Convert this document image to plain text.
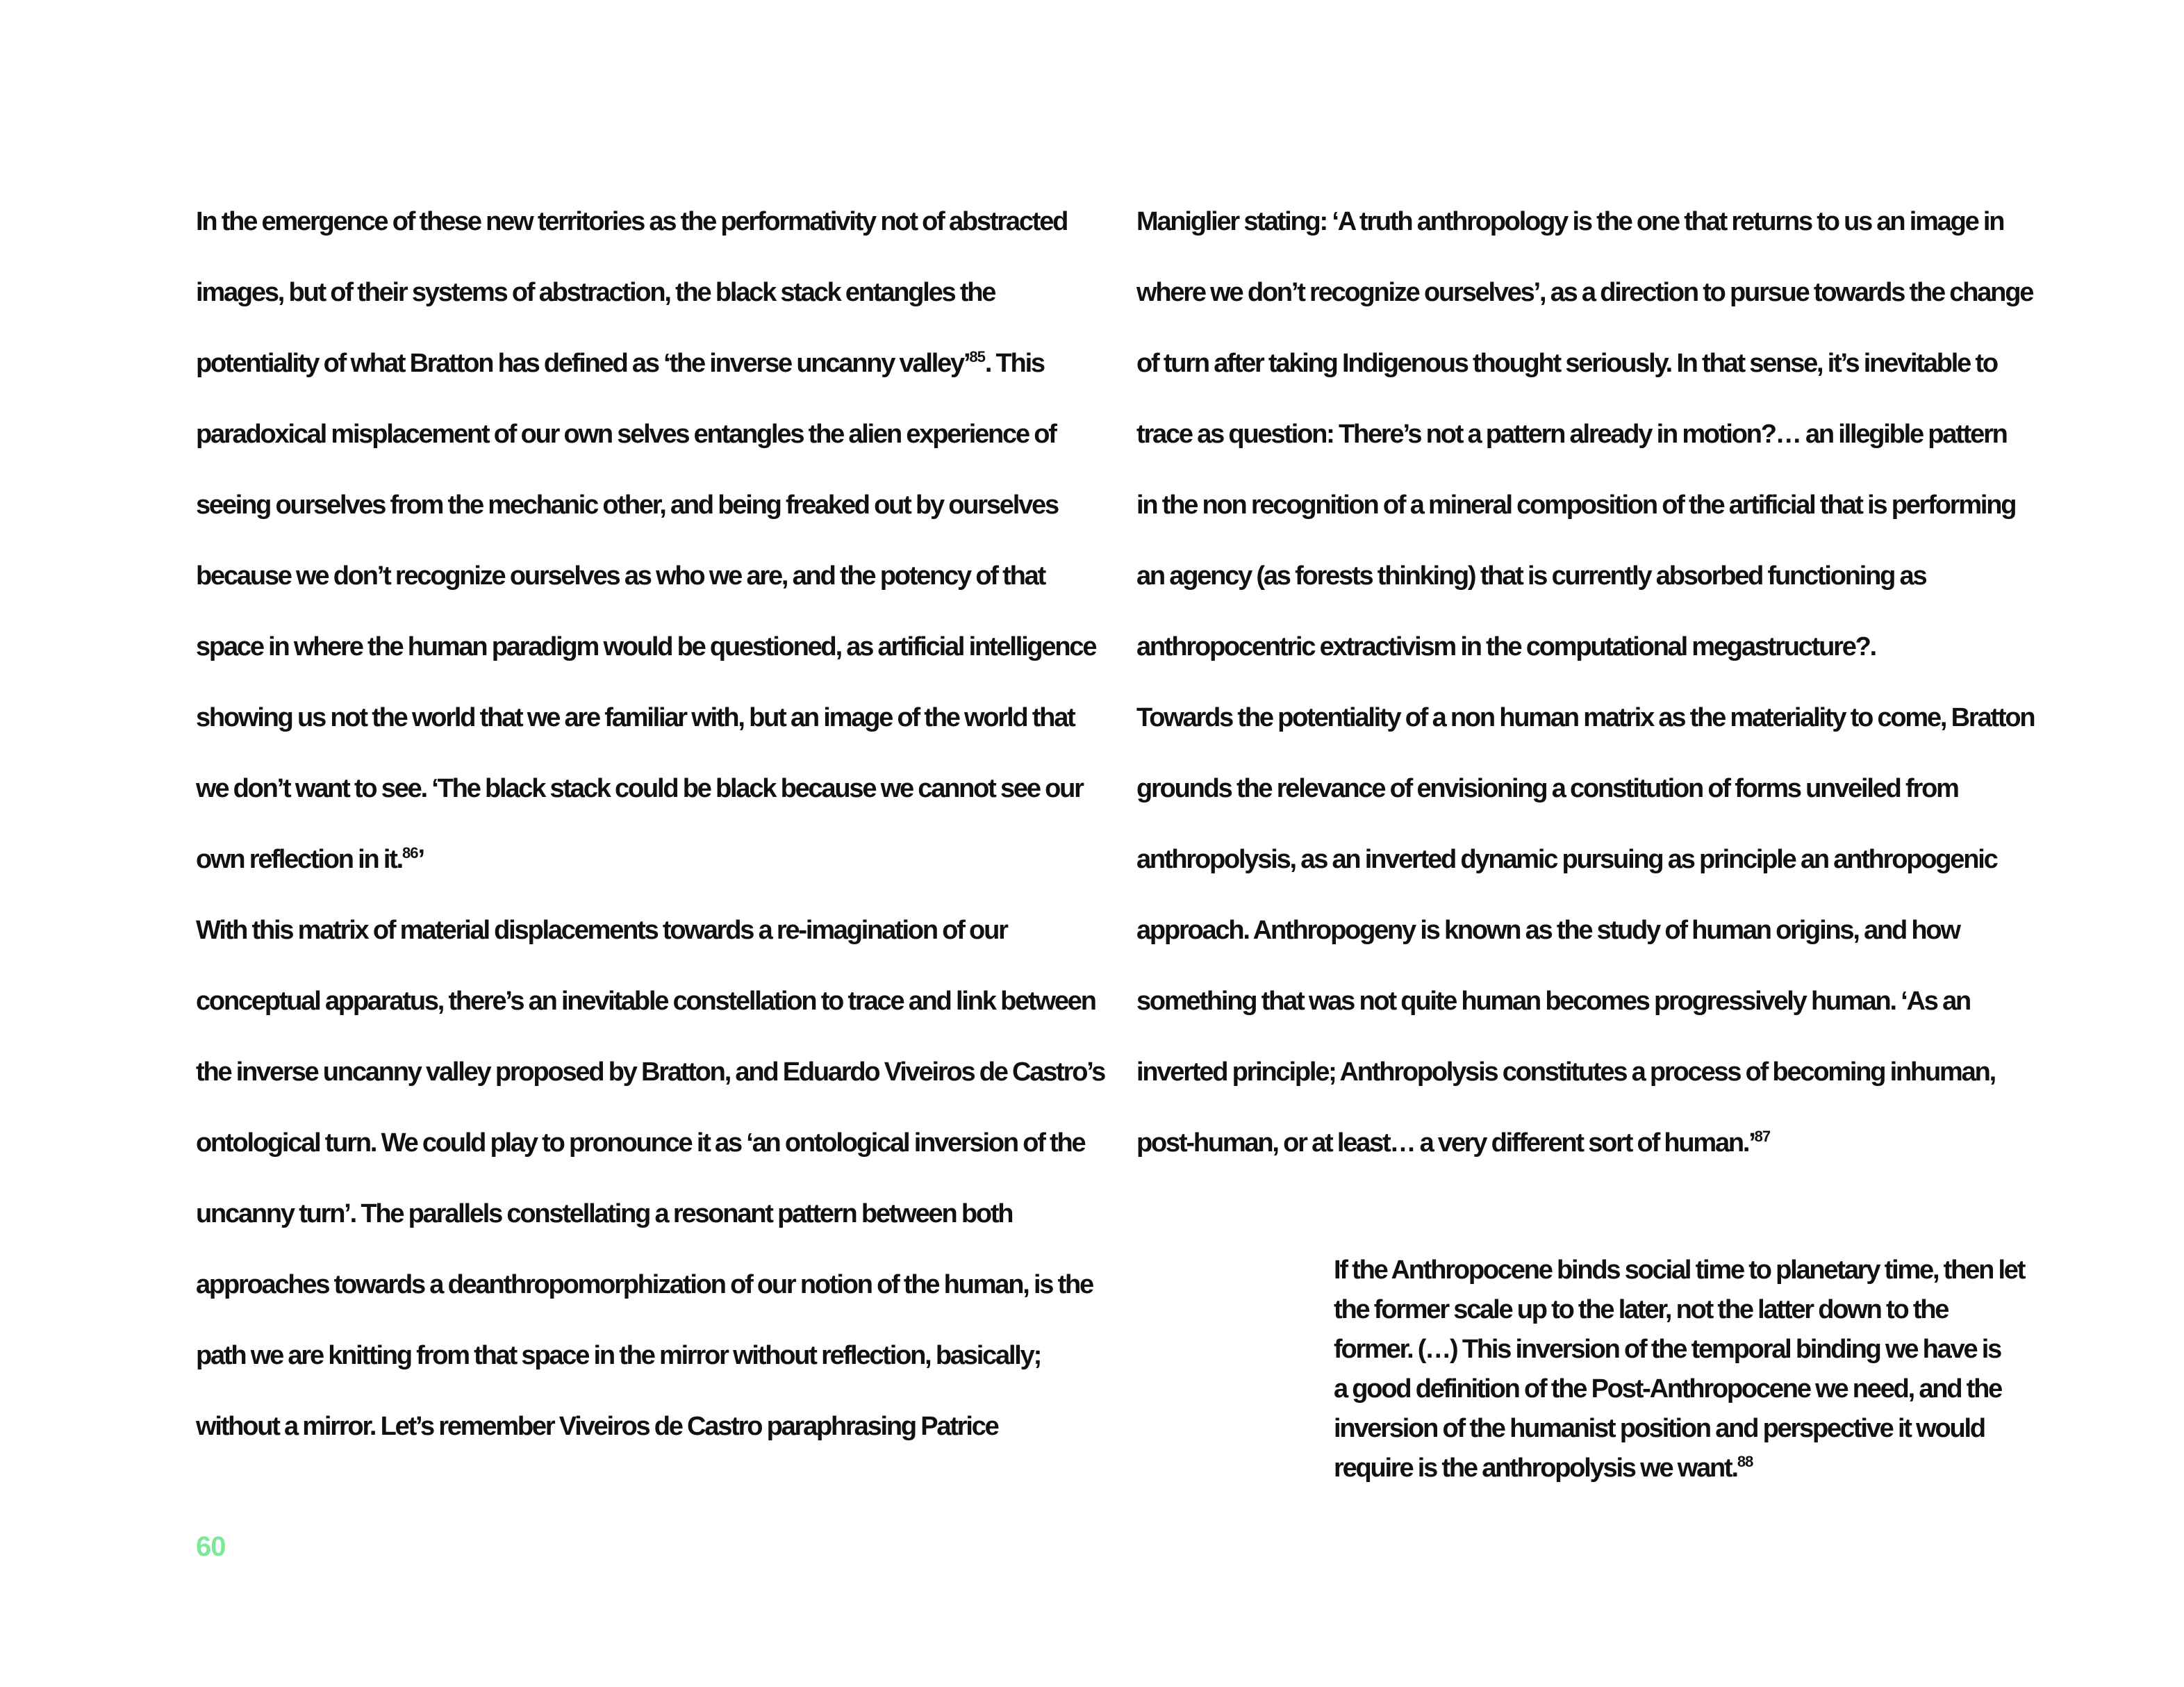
In the emergence of these new territories as the performativity not of abstracted
images, but of their systems of abstraction, the black stack entangles the
potentiality of what Bratton has defined as ‘the inverse uncanny valley’$^{85}$. This
paradoxical misplacement of our own selves entangles the alien experience of
seeing ourselves from the mechanic other, and being freaked out by ourselves
because we don’t recognize ourselves as who we are, and the potency of that
space in where the human paradigm would be questioned, as artificial intelligence
showing us not the world that we are familiar with, but an image of the world that
we don’t want to see. ‘The black stack could be black because we cannot see our
own reflection in it.$^{86}$’
With this matrix of material displacements towards a re-imagination of our
conceptual apparatus, there’s an inevitable constellation to trace and link between
the inverse uncanny valley proposed by Bratton, and Eduardo Viveiros de Castro’s
ontological turn. We could play to pronounce it as ‘an ontological inversion of the
uncanny turn’. The parallels constellating a resonant pattern between both
approaches towards a deanthropomorphization of our notion of the human, is the
path we are knitting from that space in the mirror without reflection, basically;
without a mirror. Let’s remember Viveiros de Castro paraphrasing Patrice
Maniglier stating: ‘A truth anthropology is the one that returns to us an image in
where we don’t recognize ourselves’, as a direction to pursue towards the change
of turn after taking Indigenous thought seriously. In that sense, it’s inevitable to
trace as question: There’s not a pattern already in motion?… an illegible pattern
in the non recognition of a mineral composition of the artificial that is performing
an agency (as forests thinking) that is currently absorbed functioning as
anthropocentric extractivism in the computational megastructure?.
Towards the potentiality of a non human matrix as the materiality to come, Bratton
grounds the relevance of envisioning a constitution of forms unveiled from
anthropolysis, as an inverted dynamic pursuing as principle an anthropogenic
approach. Anthropogeny is known as the study of human origins, and how
something that was not quite human becomes progressively human. ‘As an
inverted principle; Anthropolysis constitutes a process of becoming inhuman,
post-human, or at least… a very different sort of human.’$^{87}$
If the Anthropocene binds social time to planetary time, then let
the former scale up to the later, not the latter down to the
former. (…) This inversion of the temporal binding we have is
a good definition of the Post-Anthropocene we need, and the
inversion of the humanist position and perspective it would
require is the anthropolysis we want.$^{88}$
60
